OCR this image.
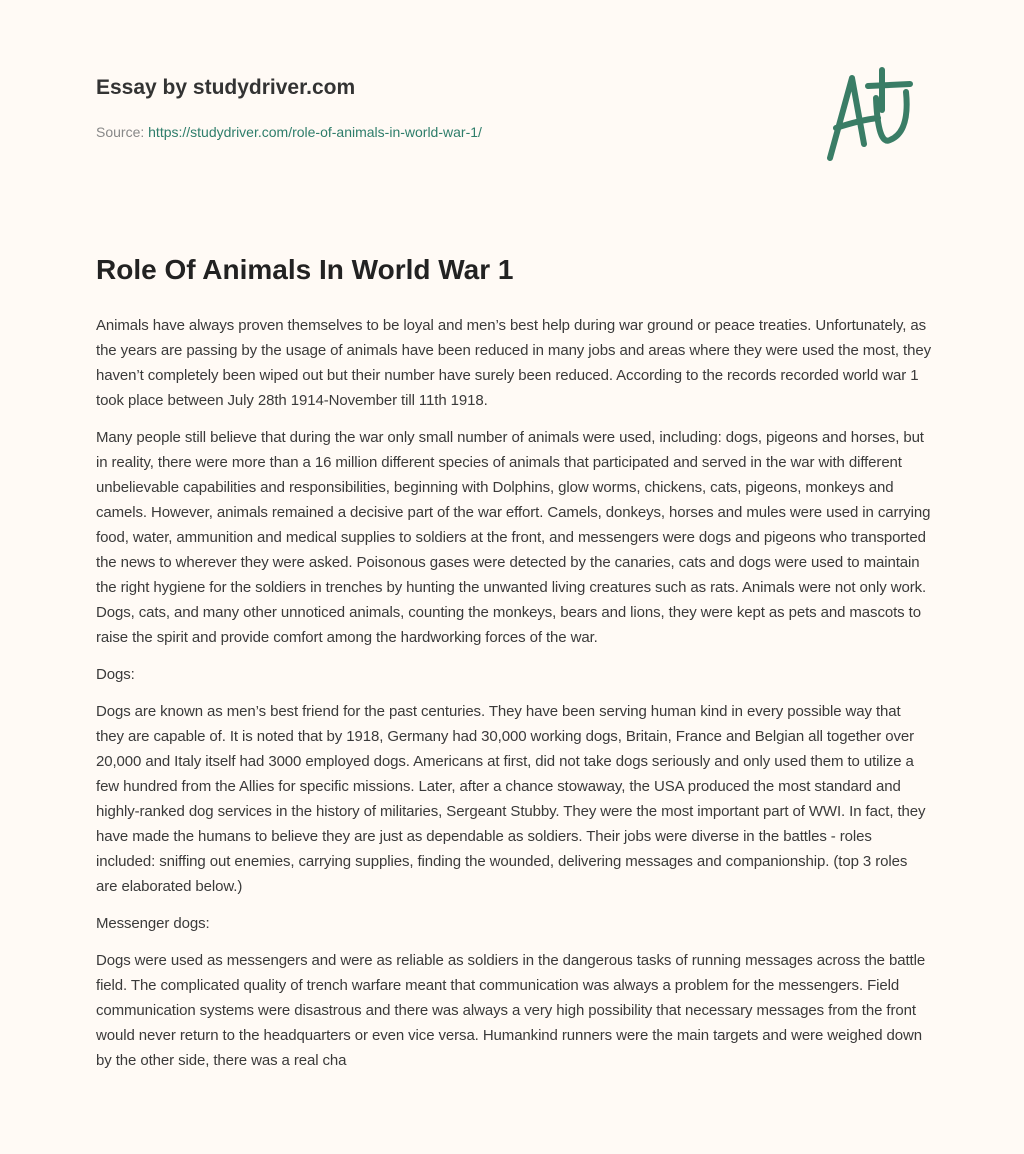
Essay by studydriver.com
Source: https://studydriver.com/role-of-animals-in-world-war-1/
Role Of Animals In World War 1

Animals have always proven themselves to be loyal and men’s best help during war ground or peace treaties. Unfortunately, as the years are passing by the usage of animals have been reduced in many jobs and areas where they were used the most, they haven’t completely been wiped out but their number have surely been reduced. According to the records recorded world war 1 took place between July 28th 1914-November till 11th 1918.

Many people still believe that during the war only small number of animals were used, including: dogs, pigeons and horses, but in reality, there were more than a 16 million different species of animals that participated and served in the war with different unbelievable capabilities and responsibilities, beginning with Dolphins, glow worms, chickens, cats, pigeons, monkeys and camels. However, animals remained a decisive part of the war effort. Camels, donkeys, horses and mules were used in carrying food, water, ammunition and medical supplies to soldiers at the front, and messengers were dogs and pigeons who transported the news to wherever they were asked. Poisonous gases were detected by the canaries, cats and dogs were used to maintain the right hygiene for the soldiers in trenches by hunting the unwanted living creatures such as rats. Animals were not only work. Dogs, cats, and many other unnoticed animals, counting the monkeys, bears and lions, they were kept as pets and mascots to raise the spirit and provide comfort among the hardworking forces of the war.

Dogs:

Dogs are known as men’s best friend for the past centuries. They have been serving human kind in every possible way that they are capable of. It is noted that by 1918, Germany had 30,000 working dogs, Britain, France and Belgian all together over 20,000 and Italy itself had 3000 employed dogs. Americans at first, did not take dogs seriously and only used them to utilize a few hundred from the Allies for specific missions. Later, after a chance stowaway, the USA produced the most standard and highly-ranked dog services in the history of militaries, Sergeant Stubby. They were the most important part of WWI. In fact, they have made the humans to believe they are just as dependable as soldiers. Their jobs were diverse in the battles - roles included: sniffing out enemies, carrying supplies, finding the wounded, delivering messages and companionship. (top 3 roles are elaborated below.)

Messenger dogs:

Dogs were used as messengers and were as reliable as soldiers in the dangerous tasks of running messages across the battle field. The complicated quality of trench warfare meant that communication was always a problem for the messengers. Field communication systems were disastrous and there was always a very high possibility that necessary messages from the front would never return to the headquarters or even vice versa. Humankind runners were the main targets and were weighed down by the other side, there was a real cha
